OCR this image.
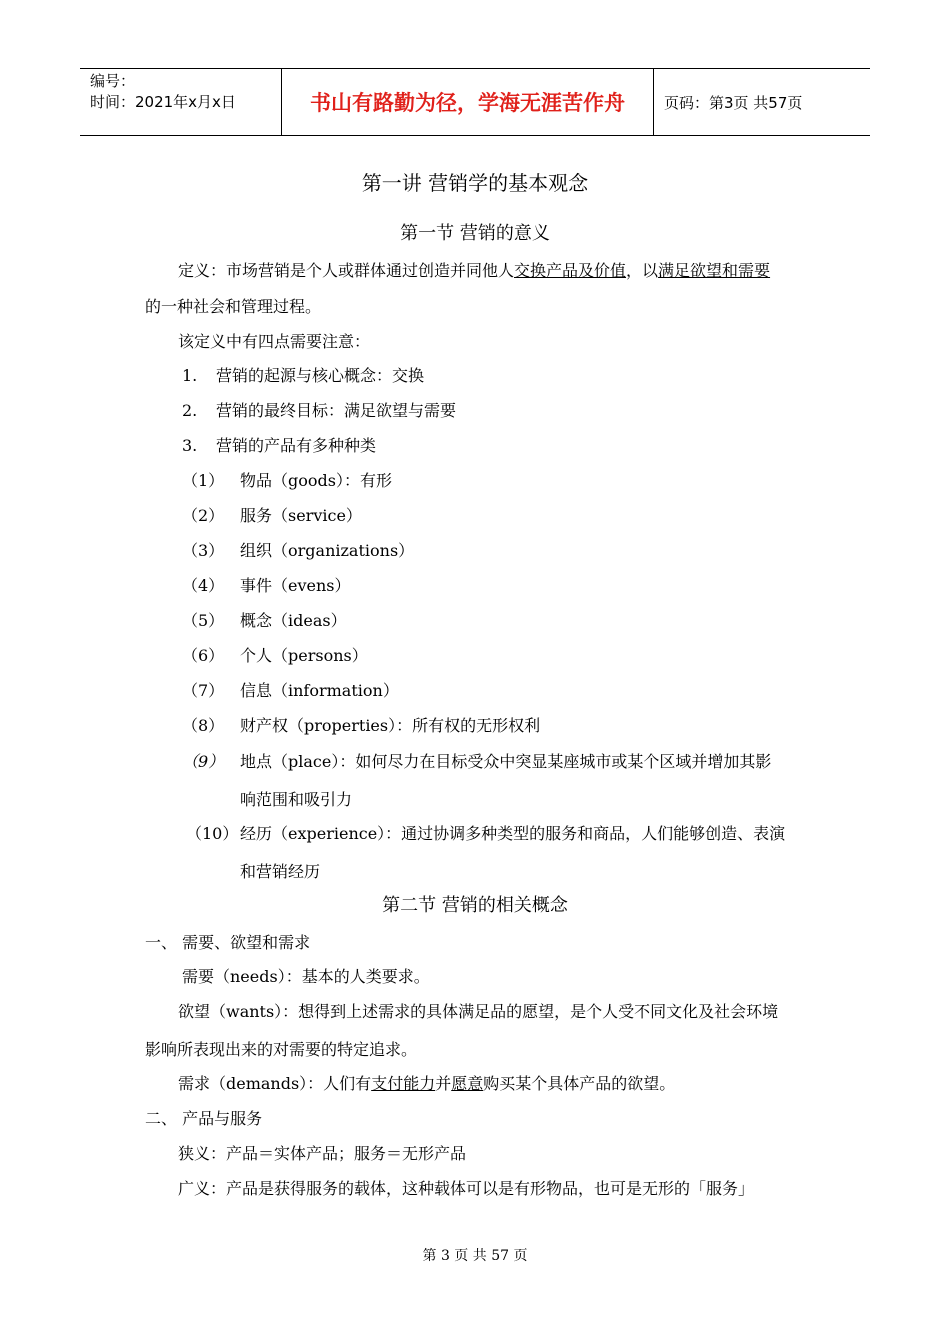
编号：
时间：2021年x月x日	书山有路勤为径，学海无涯苦作舟	页码：第3页 共57页
第一讲 营销学的基本观念
第一节 营销的意义
定义：市场营销是个人或群体通过创造并同他人交换产品及价值，以满足欲望和需要
的一种社会和管理过程。
该定义中有四点需要注意：
1. 营销的起源与核心概念：交换
2. 营销的最终目标：满足欲望与需要
3. 营销的产品有多种种类
（1） 物品（goods）：有形
（2） 服务（service）
（3） 组织（organizations）
（4） 事件（evens）
（5） 概念（ideas）
（6） 个人（persons）
（7） 信息（information）
（8） 财产权（properties）：所有权的无形权利
（9） 地点（place）：如何尽力在目标受众中突显某座城市或某个区域并增加其影
响范围和吸引力
（10） 经历（experience）：通过协调多种类型的服务和商品，人们能够创造、表演
和营销经历
第二节 营销的相关概念
一、 需要、欲望和需求
需要（needs）：基本的人类要求。
欲望（wants）：想得到上述需求的具体满足品的愿望，是个人受不同文化及社会环境
影响所表现出来的对需要的特定追求。
需求（demands）：人们有支付能力并愿意购买某个具体产品的欲望。
二、 产品与服务
狭义：产品＝实体产品；服务＝无形产品
广义：产品是获得服务的载体，这种载体可以是有形物品，也可是无形的「服务」
第 3 页 共 57 页
